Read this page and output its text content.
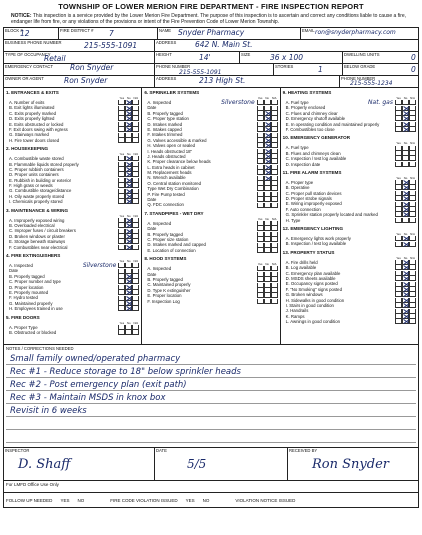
TOWNSHIP OF LOWER MERION FIRE DEPARTMENT - FIRE INSPECTION REPORT
NOTICE: This inspection is a service provided by the Lower Merion Fire Department. The purpose of this inspection is to ascertain and correct any conditions liable to cause a fire, endanger life from fire, or any violations of the provisions or intent of the Fire Prevention Code of Lower Merion Township.
BLOCK #
12	FIRE DISTRICT #	7	NAME Snyder Pharmacy	EMAIL ron@snyderpharmacy.com
BUSINESS PHONE NUMBER	215-555-1091	ADDRESS	642 N. Main St.
TYPE OF OCCUPANCY
Retail	HEIGHT	14'	SIZE	36 x 100	DWELLING UNITS	0
EMERGENCY CONTACT	Ron Snyder	PHONE NUMBER
215-555-1091
STORIES	1	BELOW GRADE	0
OWNER OR AGENT	Ron Snyder	ADDRESS	213 High St.	PHONE NUMBER
215-555-1234
1. ENTRANCES & EXITS
Yes	No	N/A
A. Number of exits
B. Exit lights illuminated
C. Exits properly marked
D. Exits properly lighted
E. Exits obstructed or locked
F. Exit doors swing with egress
G. Stairways marked
H. Fire tower doors closed
2. HOUSEKEEPING
Yes	No	N/A
A. Combustible waste stored
B. Flammable liquids stored properly
C. Proper rubbish containers
D. Proper units containers
E. Rubbish in building or exterior
F. High grass or weeds
G. Combustible storage/distance
H. Oily waste properly stored
I. Chemicals properly stored
3. MAINTENANCE & WIRING
Yes	No	N/A
A. Improperly exposed wiring
B. Overloaded electrical
C. Improper fuses / circuit breakers
D. Broken windows or plaster
E. Storage beneath stairways
F. Combustibles near electrical
4. FIRE EXTINGUISHERS
Yes	No	N/A
A. Inspected	Silverstone
Date
B. Properly tagged
C. Proper number and type
D. Proper location
E. Properly mounted
F. Hydro tested
G. Maintained properly
H. Employees trained in use
5. FIRE DOORS
Yes	No	N/A
A. Proper Type
B. Obstructed or blocked
6. SPRINKLER SYSTEMS
Yes	No	N/A
A. Inspected	Silverstone
Date
B. Properly tagged
C. Proper type station
D. Intakes marked
E. Intakes capped
F. Intakes trimmed
G. Valves accessible & marked
H. Valves open or sealed
I. Heads obstructed 18"
J. Heads obstructed
K. Proper clearance below heads
L. Extra heads in cabinet
M. Replacement heads
N. Wrench available
O. Central station monitored
Type Wet Dry Combination
P. Fire Pump tested
Date
Q. FDC connection
7. STANDPIPES - WET DRY
Yes	No	N/A
A. Inspected
Date
B. Properly tagged
C. Proper size station
D. Intakes marked and capped
E. Location of connection
8. HOOD SYSTEMS
Yes	No	N/A
A. Inspected
Date
B. Properly tagged
C. Maintained properly
D. Type K extinguisher
E. Proper location
F. Inspection Log
9. HEATING SYSTEMS
Yes	No	N/A
A. Fuel type	Nat. gas
B. Properly enclosed
C. Flues and chimney clear
D. Emergency shutoff available
E. In operating condition and maintained properly
F. Combustibles too close
10. EMERGENCY GENERATOR
Yes	No	N/A
A. Fuel type
B. Flues and chimneys clean
C. Inspection / test log available
D. Inspection date
11. FIRE ALARM SYSTEMS
Yes	No	N/A
A. Proper type
B. Operative
C. Proper pull station devices
D. Proper strobe signals
E. Wiring improperly exposed
F. Auto connection
G. Sprinkler station properly located and marked
H. Type
12. EMERGENCY LIGHTING
Yes	No	N/A
A. Emergency lights work properly
B. Inspection / test log available
13. PROPERTY STATUS
Yes	No	N/A
A. Fire drills held
B. Log available
C. Emergency plan available
D. MSDS sheets available
E. Occupancy signs posted
F. "No Smoking" signs posted
G. Broken windows
H. Sidewalks in good condition
I. Stairs in good condition
J. Handrails
K. Ramps
L. Awnings in good condition
NOTES / CORRECTIONS NEEDED
Small family owned/operated pharmacy
Rec #1 - Reduce storage to 18" below sprinkler heads
Rec #2 - Post emergency plan (exit path)
Rec #3 - Maintain MSDS in knox box
Revisit in 6 weeks
INSPECTOR
D. Shaff
DATE
5/5
RECEIVED BY
Ron Snyder
For LMFD Office Use Only
FOLLOW UP NEEDED YES NO	FIRE CODE VIOLATION ISSUED YES NO	VIOLATION NOTICE ISSUED
